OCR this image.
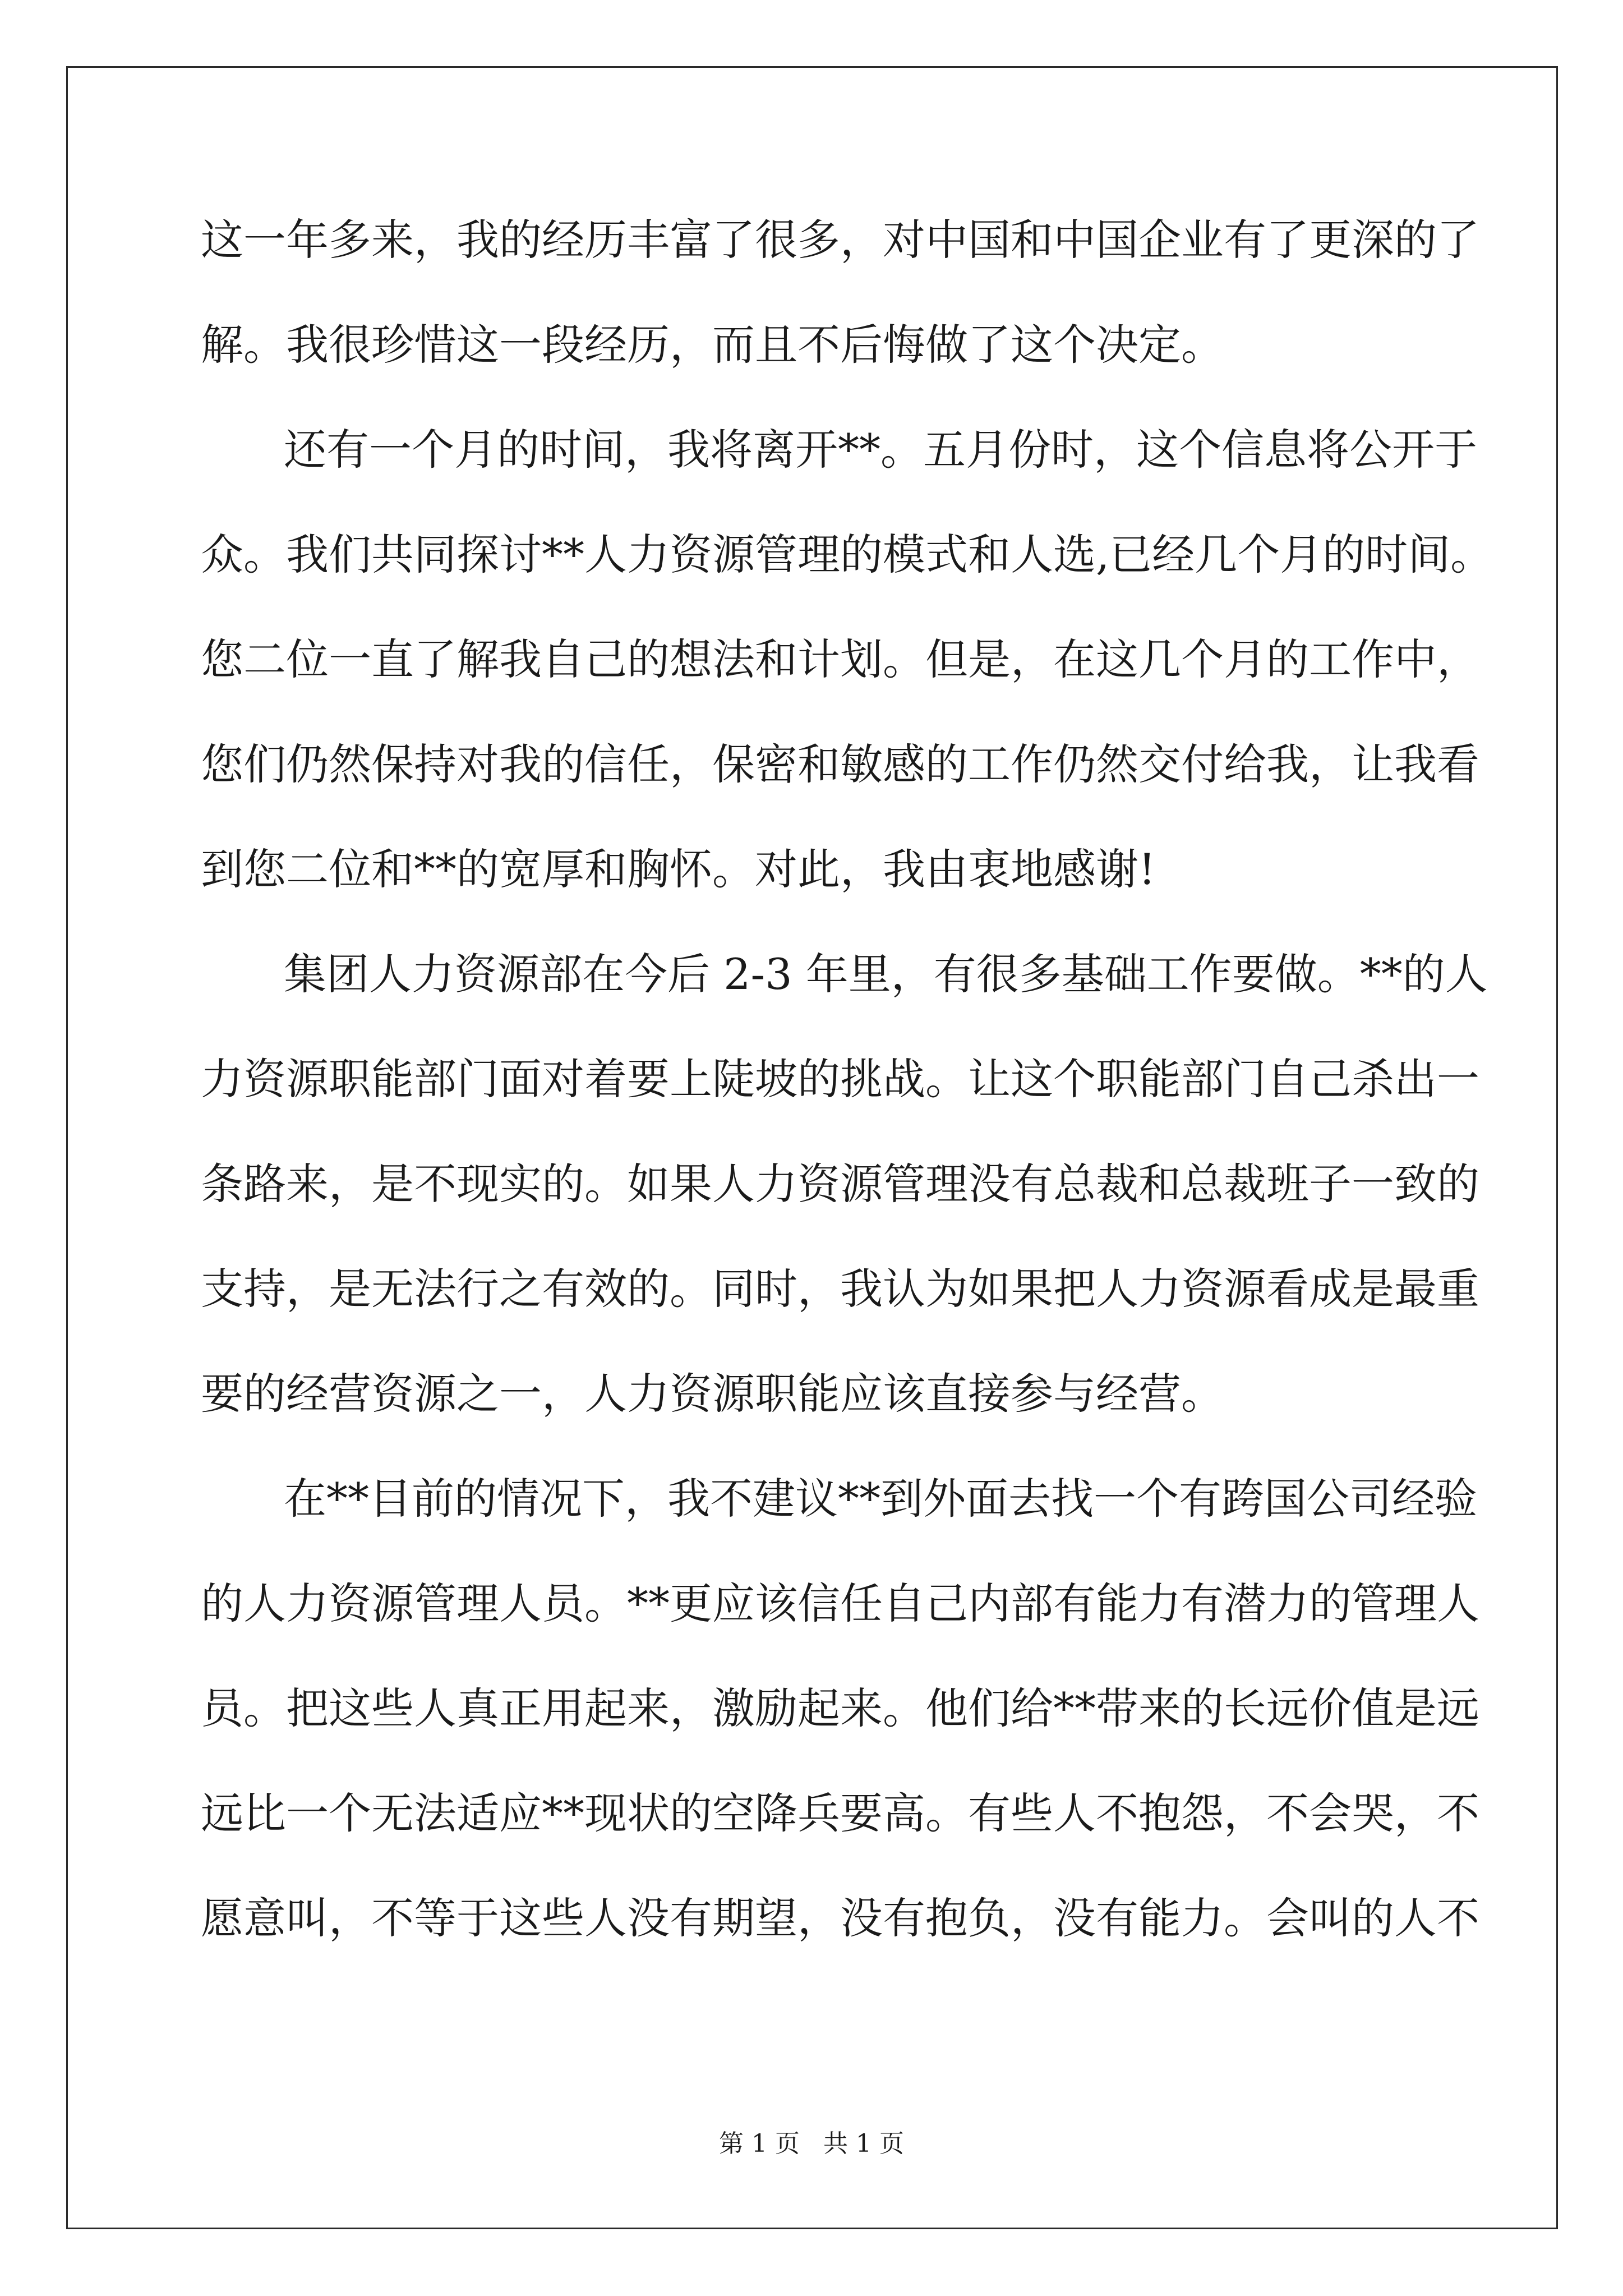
这一年多来，我的经历丰富了很多，对中国和中国企业有了更深的了
解。我很珍惜这一段经历，而且不后悔做了这个决定。
还有一个月的时间，我将离开**。五月份时，这个信息将公开于
众。我们共同探讨**人力资源管理的模式和人选,已经几个月的时间。
您二位一直了解我自己的想法和计划。但是，在这几个月的工作中，
您们仍然保持对我的信任，保密和敏感的工作仍然交付给我，让我看
到您二位和**的宽厚和胸怀。对此，我由衷地感谢!
集团人力资源部在今后 2-3 年里，有很多基础工作要做。**的人
力资源职能部门面对着要上陡坡的挑战。让这个职能部门自己杀出一
条路来，是不现实的。如果人力资源管理没有总裁和总裁班子一致的
支持，是无法行之有效的。同时，我认为如果把人力资源看成是最重
要的经营资源之一，人力资源职能应该直接参与经营。
在**目前的情况下，我不建议**到外面去找一个有跨国公司经验
的人力资源管理人员。**更应该信任自己内部有能力有潜力的管理人
员。把这些人真正用起来，激励起来。他们给**带来的长远价值是远
远比一个无法适应**现状的空降兵要高。有些人不抱怨，不会哭，不
愿意叫，不等于这些人没有期望，没有抱负，没有能力。会叫的人不
第 1 页   共 1 页
